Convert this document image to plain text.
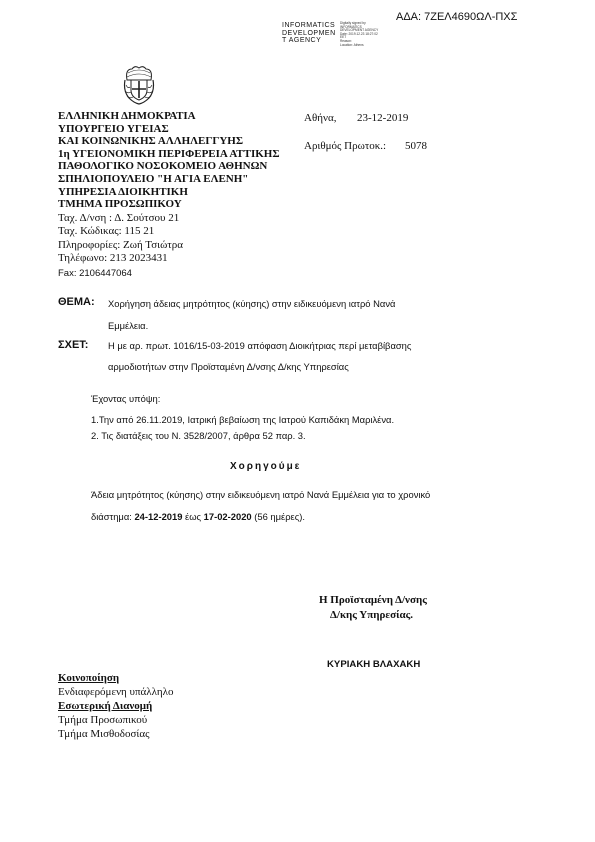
ΑΔΑ: 7ΖΕΛ4690ΩΛ-ΠΧΣ
INFORMATICS
DEVELOPMEN
T AGENCY
Digitally signed by
INFORMATICS
DEVELOPMENT AGENCY
Date: 2019.12.23 18:27:02
EET
Reason:
Location: Athens
ΕΛΛΗΝΙΚΗ ΔΗΜΟΚΡΑΤΙΑ
ΥΠΟΥΡΓΕΙΟ ΥΓΕΙΑΣ
ΚΑΙ ΚΟΙΝΩΝΙΚΗΣ ΑΛΛΗΛΕΓΓΥΗΣ
1η ΥΓΕΙΟΝΟΜΙΚΗ ΠΕΡΙΦΕΡΕΙΑ ΑΤΤΙΚΗΣ
ΠΑΘΟΛΟΓΙΚΟ ΝΟΣΟΚΟΜΕΙΟ ΑΘΗΝΩΝ
ΣΠΗΛΙΟΠΟΥΛΕΙΟ "Η ΑΓΙΑ ΕΛΕΝΗ"
ΥΠΗΡΕΣΙΑ ΔΙΟΙΚΗΤΙΚΗ
ΤΜΗΜΑ ΠΡΟΣΩΠΙΚΟΥ
Ταχ. Δ/νση : Δ. Σούτσου 21
Ταχ. Κώδικας: 115 21
Πληροφορίες: Ζωή Τσιώτρα
Τηλέφωνο: 213 2023431
Fax: 2106447064
Αθήνα, 23-12-2019
Αριθμός Πρωτοκ.: 5078
ΘΕΜΑ: Χορήγηση άδειας μητρότητος (κύησης) στην ειδικευόμενη ιατρό Νανά
Εμμέλεια.
ΣΧΕΤ: Η με αρ. πρωτ. 1016/15-03-2019 απόφαση Διοικήτριας περί μεταβίβασης
αρμοδιοτήτων στην Προϊσταμένη Δ/νσης Δ/κης Υπηρεσίας
Έχοντας υπόψη:
1.Την από 26.11.2019, Ιατρική βεβαίωση της Ιατρού Καπιδάκη Μαριλένα.
2. Τις διατάξεις του Ν. 3528/2007, άρθρα 52 παρ. 3.
Χορηγούμε
Άδεια μητρότητος (κύησης) στην ειδικευόμενη ιατρό Νανά Εμμέλεια για το χρονικό
διάστημα: 24-12-2019 έως 17-02-2020 (56 ημέρες).
Η Προϊσταμένη Δ/νσης
Δ/κης Υπηρεσίας.
ΚΥΡΙΑΚΗ ΒΛΑΧΑΚΗ
Κοινοποίηση
Ενδιαφερόμενη υπάλληλο
Εσωτερική Διανομή
Τμήμα Προσωπικού
Τμήμα Μισθοδοσίας
